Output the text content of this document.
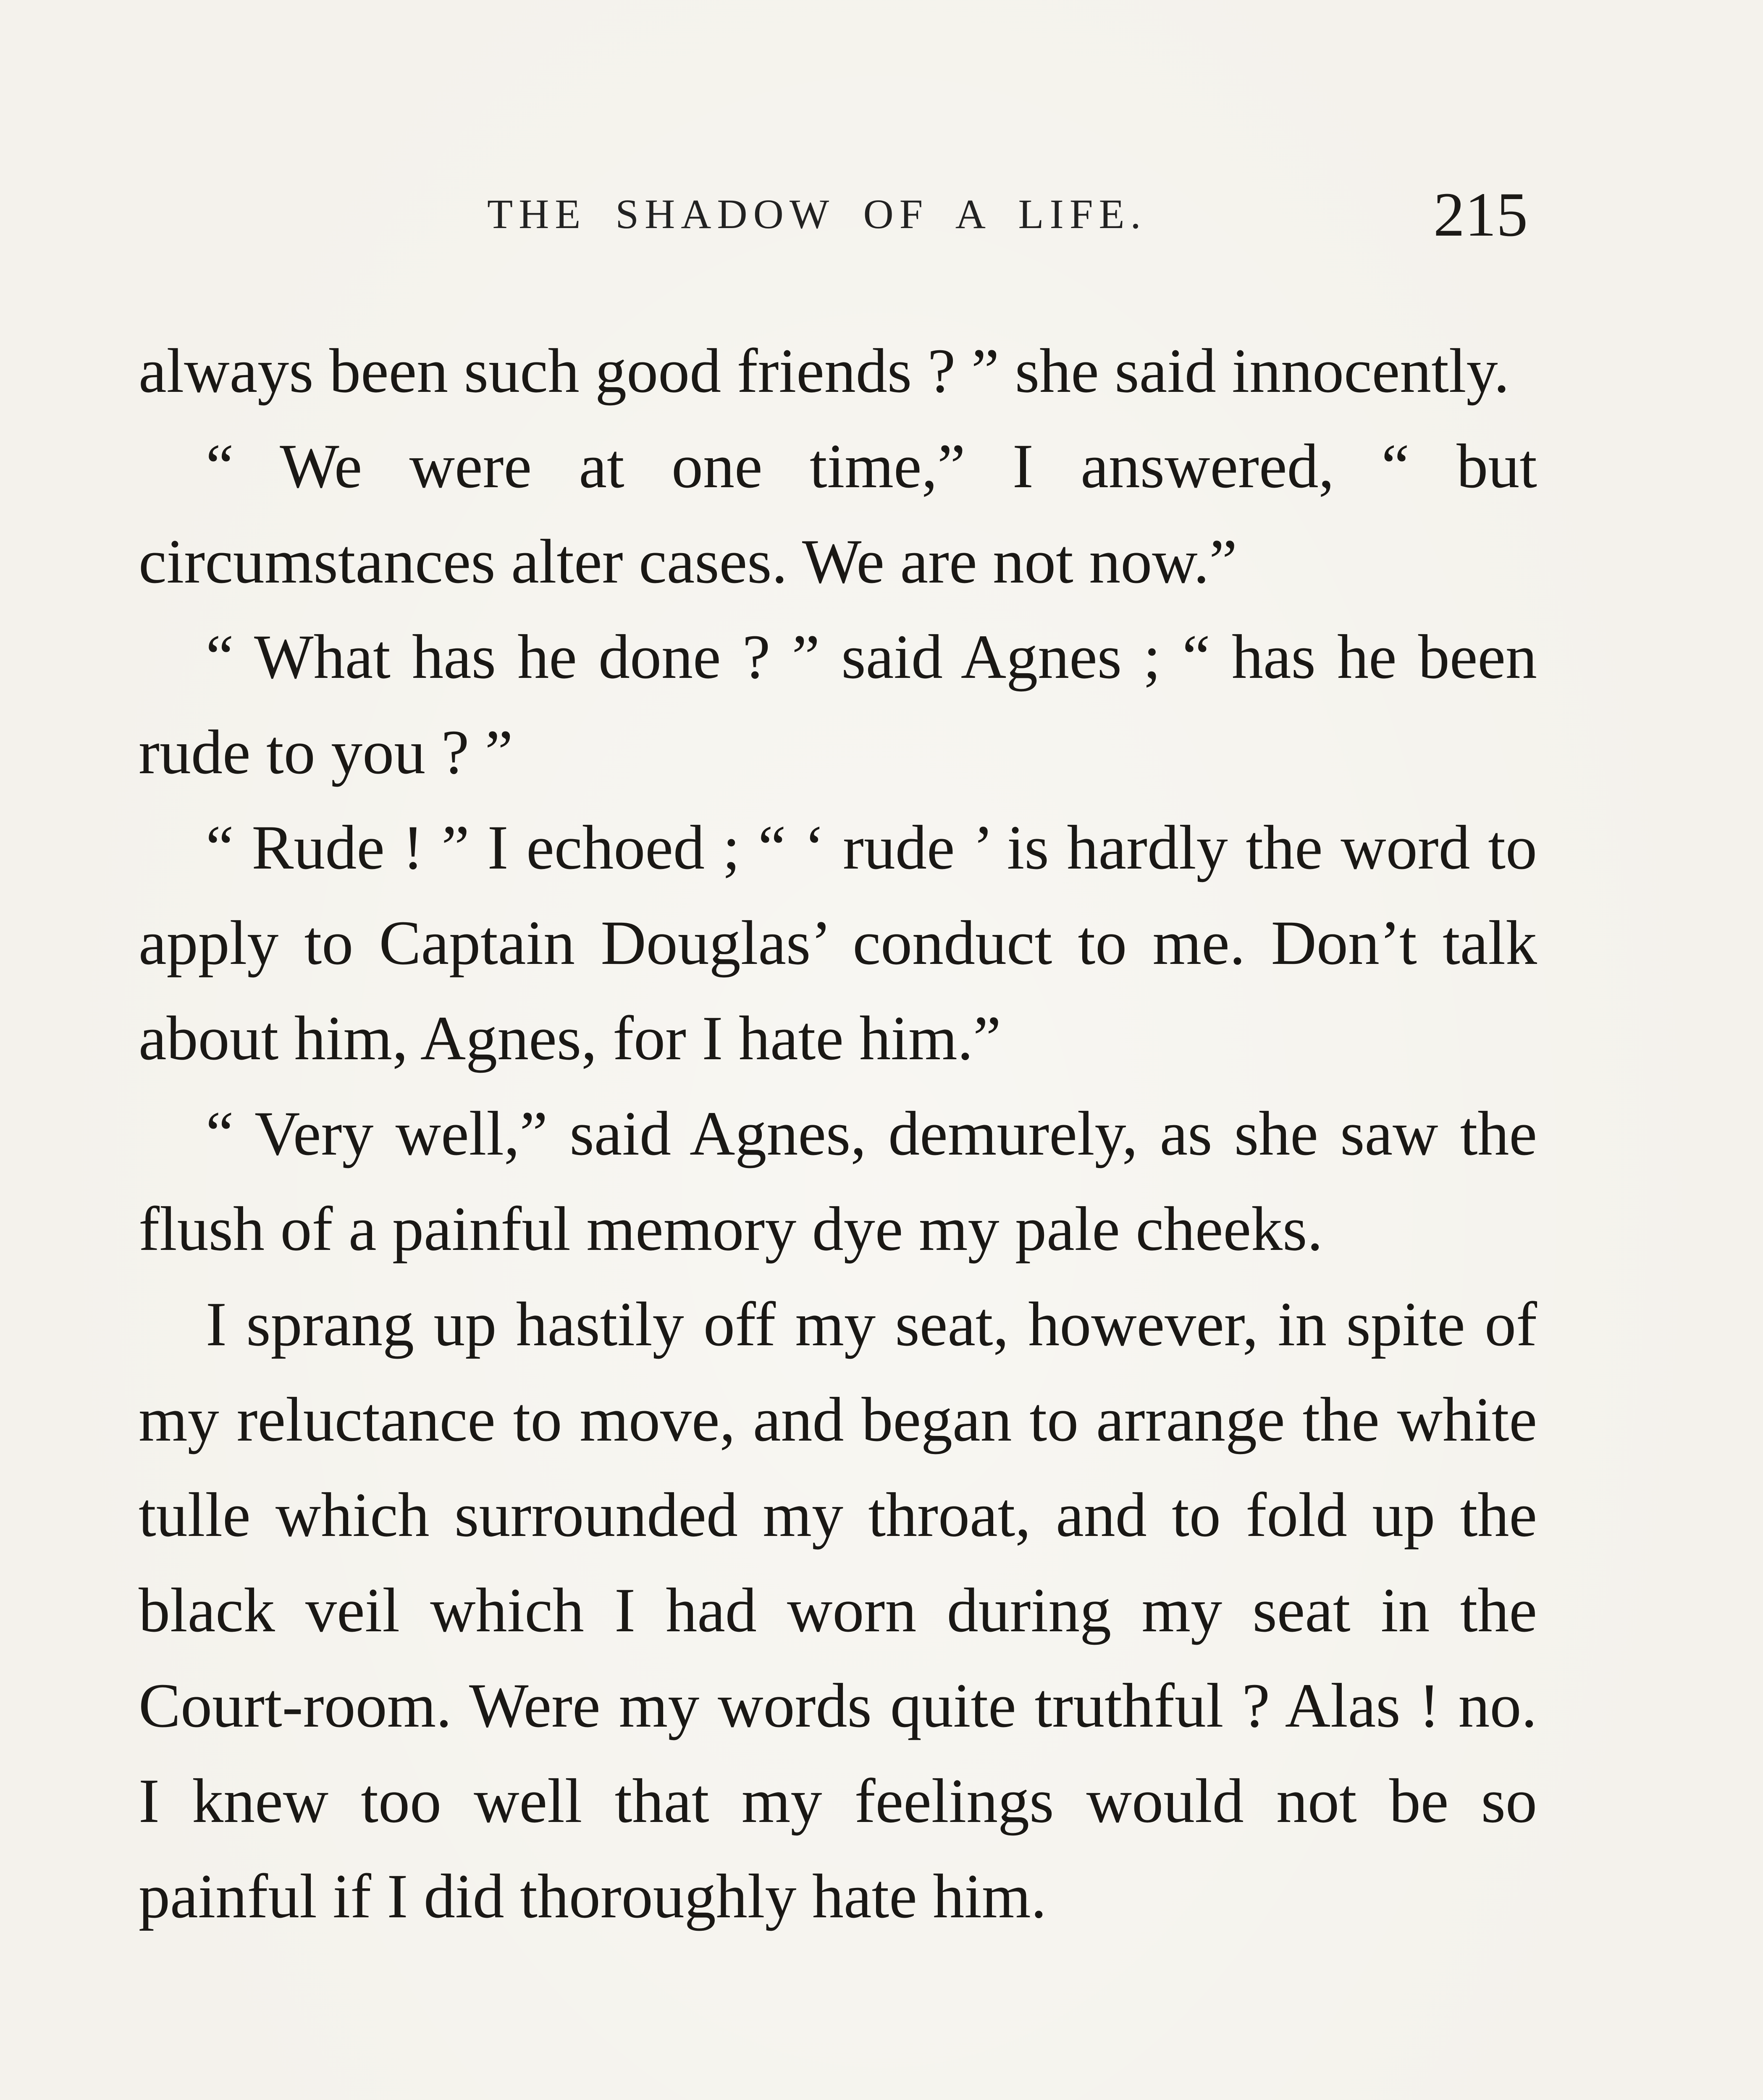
THE SHADOW OF A LIFE.	215

always been such good friends ? ” she said innocently.

“ We were at one time,” I answered, “ but circumstances alter cases. We are not now.”

“ What has he done ? ” said Agnes ; “ has he been rude to you ? ”

“ Rude ! ” I echoed ; “ ‘ rude ’ is hardly the word to apply to Captain Douglas’ conduct to me. Don’t talk about him, Agnes, for I hate him.”

“ Very well,” said Agnes, demurely, as she saw the flush of a painful memory dye my pale cheeks.

I sprang up hastily off my seat, however, in spite of my reluctance to move, and began to arrange the white tulle which surrounded my throat, and to fold up the black veil which I had worn during my seat in the Court-room. Were my words quite truthful ? Alas ! no. I knew too well that my feelings would not be so painful if I did thoroughly hate him.
